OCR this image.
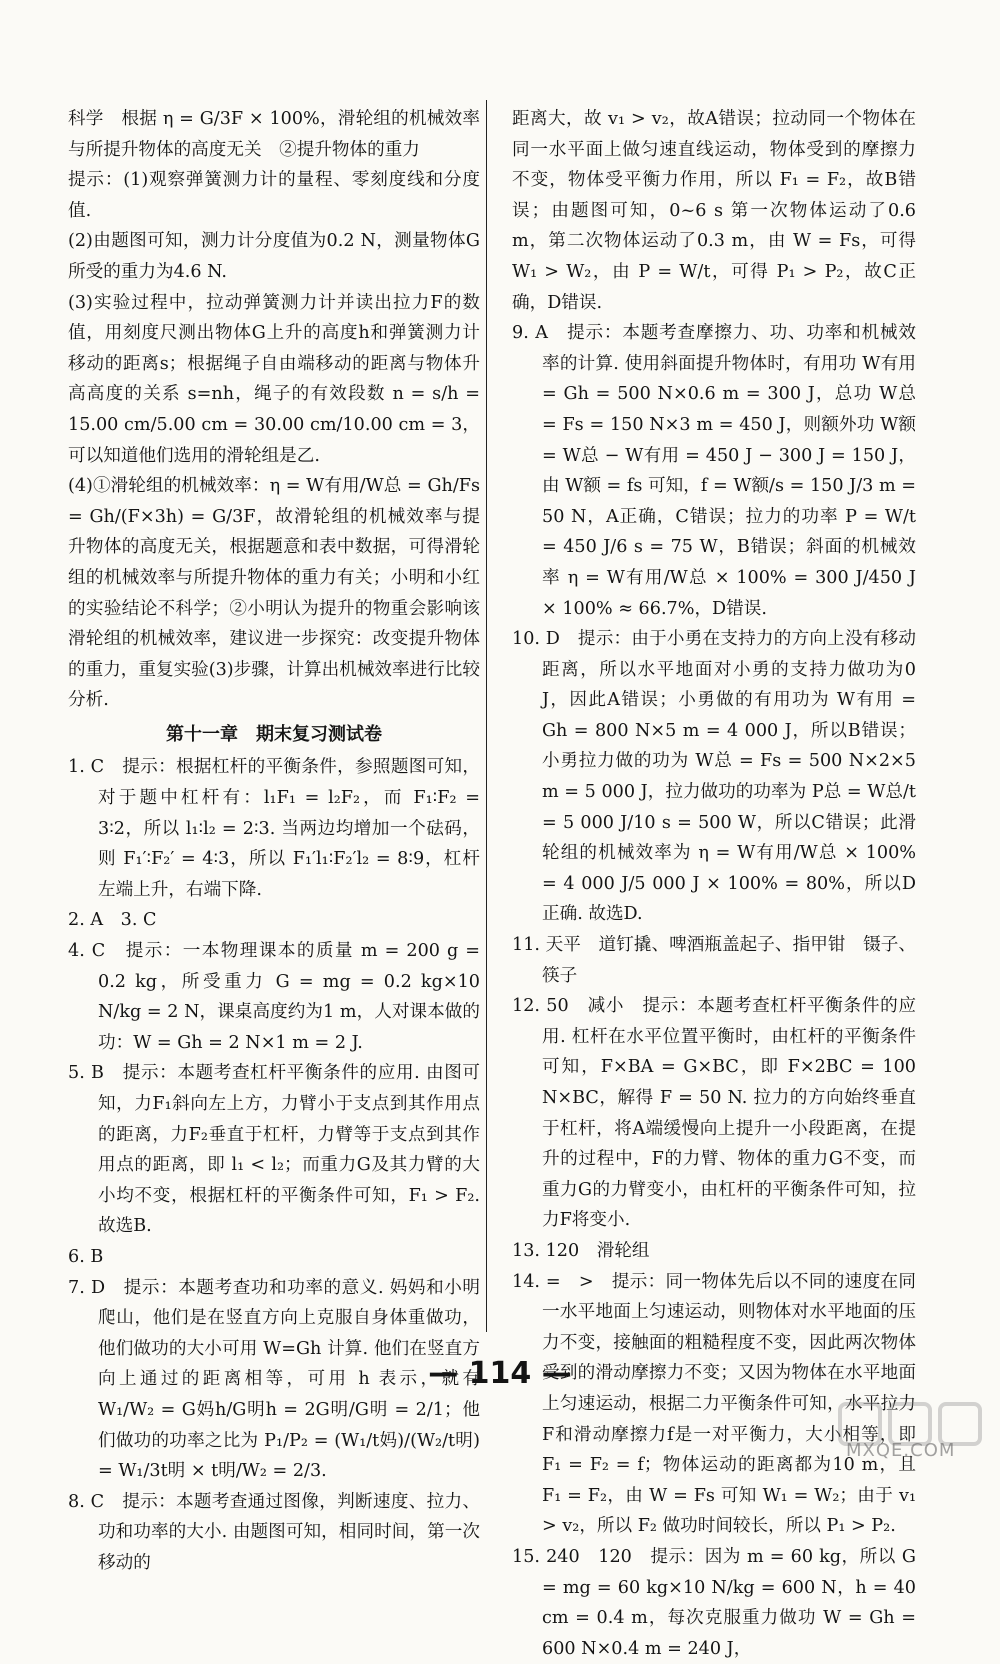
科学　根据 η = G/3F × 100%，滑轮组的机械效率与所提升物体的高度无关　②提升物体的重力

提示：(1)观察弹簧测力计的量程、零刻度线和分度值.

(2)由题图可知，测力计分度值为0.2 N，测量物体G所受的重力为4.6 N.

(3)实验过程中，拉动弹簧测力计并读出拉力F的数值，用刻度尺测出物体G上升的高度h和弹簧测力计移动的距离s；根据绳子自由端移动的距离与物体升高高度的关系 s=nh，绳子的有效段数 n = s/h = 15.00 cm/5.00 cm = 30.00 cm/10.00 cm = 3，可以知道他们选用的滑轮组是乙.

(4)①滑轮组的机械效率：η = W有用/W总 = Gh/Fs = Gh/(F×3h) = G/3F，故滑轮组的机械效率与提升物体的高度无关，根据题意和表中数据，可得滑轮组的机械效率与所提升物体的重力有关；小明和小红的实验结论不科学；②小明认为提升的物重会影响该滑轮组的机械效率，建议进一步探究：改变提升物体的重力，重复实验(3)步骤，计算出机械效率进行比较分析.

第十一章　期末复习测试卷

1. C　提示：根据杠杆的平衡条件，参照题图可知，对于题中杠杆有：l₁F₁ = l₂F₂，而 F₁∶F₂ = 3∶2，所以 l₁∶l₂ = 2∶3. 当两边均增加一个砝码，则 F₁′∶F₂′ = 4∶3，所以 F₁′l₁∶F₂′l₂ = 8∶9，杠杆左端上升，右端下降.

2. A　3. C

4. C　提示：一本物理课本的质量 m = 200 g = 0.2 kg，所受重力 G = mg = 0.2 kg×10 N/kg = 2 N，课桌高度约为1 m，人对课本做的功：W = Gh = 2 N×1 m = 2 J.

5. B　提示：本题考查杠杆平衡条件的应用. 由图可知，力F₁斜向左上方，力臂小于支点到其作用点的距离，力F₂垂直于杠杆，力臂等于支点到其作用点的距离，即 l₁ < l₂；而重力G及其力臂的大小均不变，根据杠杆的平衡条件可知，F₁ > F₂. 故选B.

6. B

7. D　提示：本题考查功和功率的意义. 妈妈和小明爬山，他们是在竖直方向上克服自身体重做功，他们做功的大小可用 W=Gh 计算. 他们在竖直方向上通过的距离相等，可用 h 表示，就有 W₁/W₂ = G妈h/G明h = 2G明/G明 = 2/1；他们做功的功率之比为 P₁/P₂ = (W₁/t妈)/(W₂/t明) = W₁/3t明 × t明/W₂ = 2/3.

8. C　提示：本题考查通过图像，判断速度、拉力、功和功率的大小. 由题图可知，相同时间，第一次移动的

距离大，故 v₁ > v₂，故A错误；拉动同一个物体在同一水平面上做匀速直线运动，物体受到的摩擦力不变，物体受平衡力作用，所以 F₁ = F₂，故B错误；由题图可知，0~6 s 第一次物体运动了0.6 m，第二次物体运动了0.3 m，由 W = Fs，可得 W₁ > W₂，由 P = W/t，可得 P₁ > P₂，故C正确，D错误.

9. A　提示：本题考查摩擦力、功、功率和机械效率的计算. 使用斜面提升物体时，有用功 W有用 = Gh = 500 N×0.6 m = 300 J，总功 W总 = Fs = 150 N×3 m = 450 J，则额外功 W额 = W总 − W有用 = 450 J − 300 J = 150 J，由 W额 = fs 可知，f = W额/s = 150 J/3 m = 50 N，A正确，C错误；拉力的功率 P = W/t = 450 J/6 s = 75 W，B错误；斜面的机械效率 η = W有用/W总 × 100% = 300 J/450 J × 100% ≈ 66.7%，D错误.

10. D　提示：由于小勇在支持力的方向上没有移动距离，所以水平地面对小勇的支持力做功为0 J，因此A错误；小勇做的有用功为 W有用 = Gh = 800 N×5 m = 4 000 J，所以B错误；小勇拉力做的功为 W总 = Fs = 500 N×2×5 m = 5 000 J，拉力做功的功率为 P总 = W总/t = 5 000 J/10 s = 500 W，所以C错误；此滑轮组的机械效率为 η = W有用/W总 × 100% = 4 000 J/5 000 J × 100% = 80%，所以D正确. 故选D.

11. 天平　道钉撬、啤酒瓶盖起子、指甲钳　镊子、筷子

12. 50　减小　提示：本题考查杠杆平衡条件的应用. 杠杆在水平位置平衡时，由杠杆的平衡条件可知，F×BA = G×BC，即 F×2BC = 100 N×BC，解得 F = 50 N. 拉力的方向始终垂直于杠杆，将A端缓慢向上提升一小段距离，在提升的过程中，F的力臂、物体的重力G不变，而重力G的力臂变小，由杠杆的平衡条件可知，拉力F将变小.

13. 120　滑轮组

14. =　>　提示：同一物体先后以不同的速度在同一水平地面上匀速运动，则物体对水平地面的压力不变，接触面的粗糙程度不变，因此两次物体受到的滑动摩擦力不变；又因为物体在水平地面上匀速运动，根据二力平衡条件可知，水平拉力F和滑动摩擦力f是一对平衡力，大小相等，即 F₁ = F₂ = f；物体运动的距离都为10 m，且 F₁ = F₂，由 W = Fs 可知 W₁ = W₂；由于 v₁ > v₂，所以 F₂ 做功时间较长，所以 P₁ > P₂.

15. 240　120　提示：因为 m = 60 kg，所以 G = mg = 60 kg×10 N/kg = 600 N，h = 40 cm = 0.4 m，每次克服重力做功 W = Gh = 600 N×0.4 m = 240 J，

— 114 —
MXQE.COM
